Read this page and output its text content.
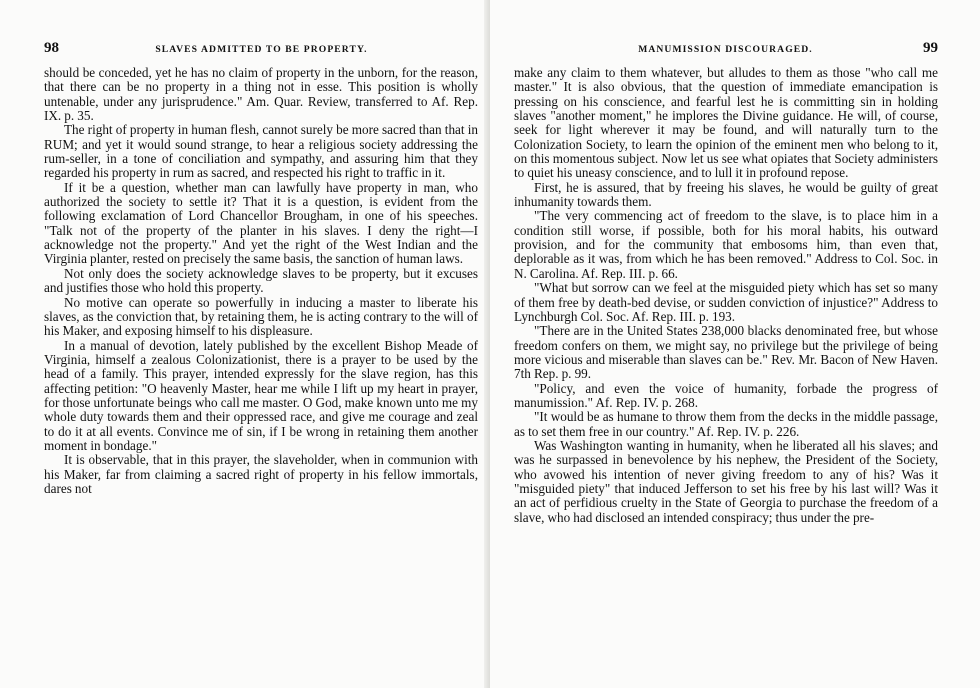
98	SLAVES ADMITTED TO BE PROPERTY.

should be conceded, yet he has no claim of property in the unborn, for the reason, that there can be no property in a thing not in esse. This position is wholly untenable, under any jurisprudence." Am. Quar. Review, transferred to Af. Rep. IX. p. 35.

The right of property in human flesh, cannot surely be more sacred than that in RUM; and yet it would sound strange, to hear a religious society addressing the rum-seller, in a tone of conciliation and sympathy, and assuring him that they regarded his property in rum as sacred, and respected his right to traffic in it.

If it be a question, whether man can lawfully have property in man, who authorized the society to settle it? That it is a question, is evident from the following exclamation of Lord Chancellor Brougham, in one of his speeches. "Talk not of the property of the planter in his slaves. I deny the right—I acknowledge not the property." And yet the right of the West Indian and the Virginia planter, rested on precisely the same basis, the sanction of human laws.

Not only does the society acknowledge slaves to be property, but it excuses and justifies those who hold this property.

No motive can operate so powerfully in inducing a master to liberate his slaves, as the conviction that, by retaining them, he is acting contrary to the will of his Maker, and exposing himself to his displeasure.

In a manual of devotion, lately published by the excellent Bishop Meade of Virginia, himself a zealous Colonizationist, there is a prayer to be used by the head of a family. This prayer, intended expressly for the slave region, has this affecting petition: "O heavenly Master, hear me while I lift up my heart in prayer, for those unfortunate beings who call me master. O God, make known unto me my whole duty towards them and their oppressed race, and give me courage and zeal to do it at all events. Convince me of sin, if I be wrong in retaining them another moment in bondage."

It is observable, that in this prayer, the slaveholder, when in communion with his Maker, far from claiming a sacred right of property in his fellow immortals, dares not

MANUMISSION DISCOURAGED.	99

make any claim to them whatever, but alludes to them as those "who call me master." It is also obvious, that the question of immediate emancipation is pressing on his conscience, and fearful lest he is committing sin in holding slaves "another moment," he implores the Divine guidance. He will, of course, seek for light wherever it may be found, and will naturally turn to the Colonization Society, to learn the opinion of the eminent men who belong to it, on this momentous subject. Now let us see what opiates that Society administers to quiet his uneasy conscience, and to lull it in profound repose.

First, he is assured, that by freeing his slaves, he would be guilty of great inhumanity towards them.

"The very commencing act of freedom to the slave, is to place him in a condition still worse, if possible, both for his moral habits, his outward provision, and for the community that embosoms him, than even that, deplorable as it was, from which he has been removed." Address to Col. Soc. in N. Carolina. Af. Rep. III. p. 66.

"What but sorrow can we feel at the misguided piety which has set so many of them free by death-bed devise, or sudden conviction of injustice?" Address to Lynchburgh Col. Soc. Af. Rep. III. p. 193.

"There are in the United States 238,000 blacks denominated free, but whose freedom confers on them, we might say, no privilege but the privilege of being more vicious and miserable than slaves can be." Rev. Mr. Bacon of New Haven. 7th Rep. p. 99.

"Policy, and even the voice of humanity, forbade the progress of manumission." Af. Rep. IV. p. 268.

"It would be as humane to throw them from the decks in the middle passage, as to set them free in our country." Af. Rep. IV. p. 226.

Was Washington wanting in humanity, when he liberated all his slaves; and was he surpassed in benevolence by his nephew, the President of the Society, who avowed his intention of never giving freedom to any of his? Was it "misguided piety" that induced Jefferson to set his free by his last will? Was it an act of perfidious cruelty in the State of Georgia to purchase the freedom of a slave, who had disclosed an intended conspiracy; thus under the pre-
